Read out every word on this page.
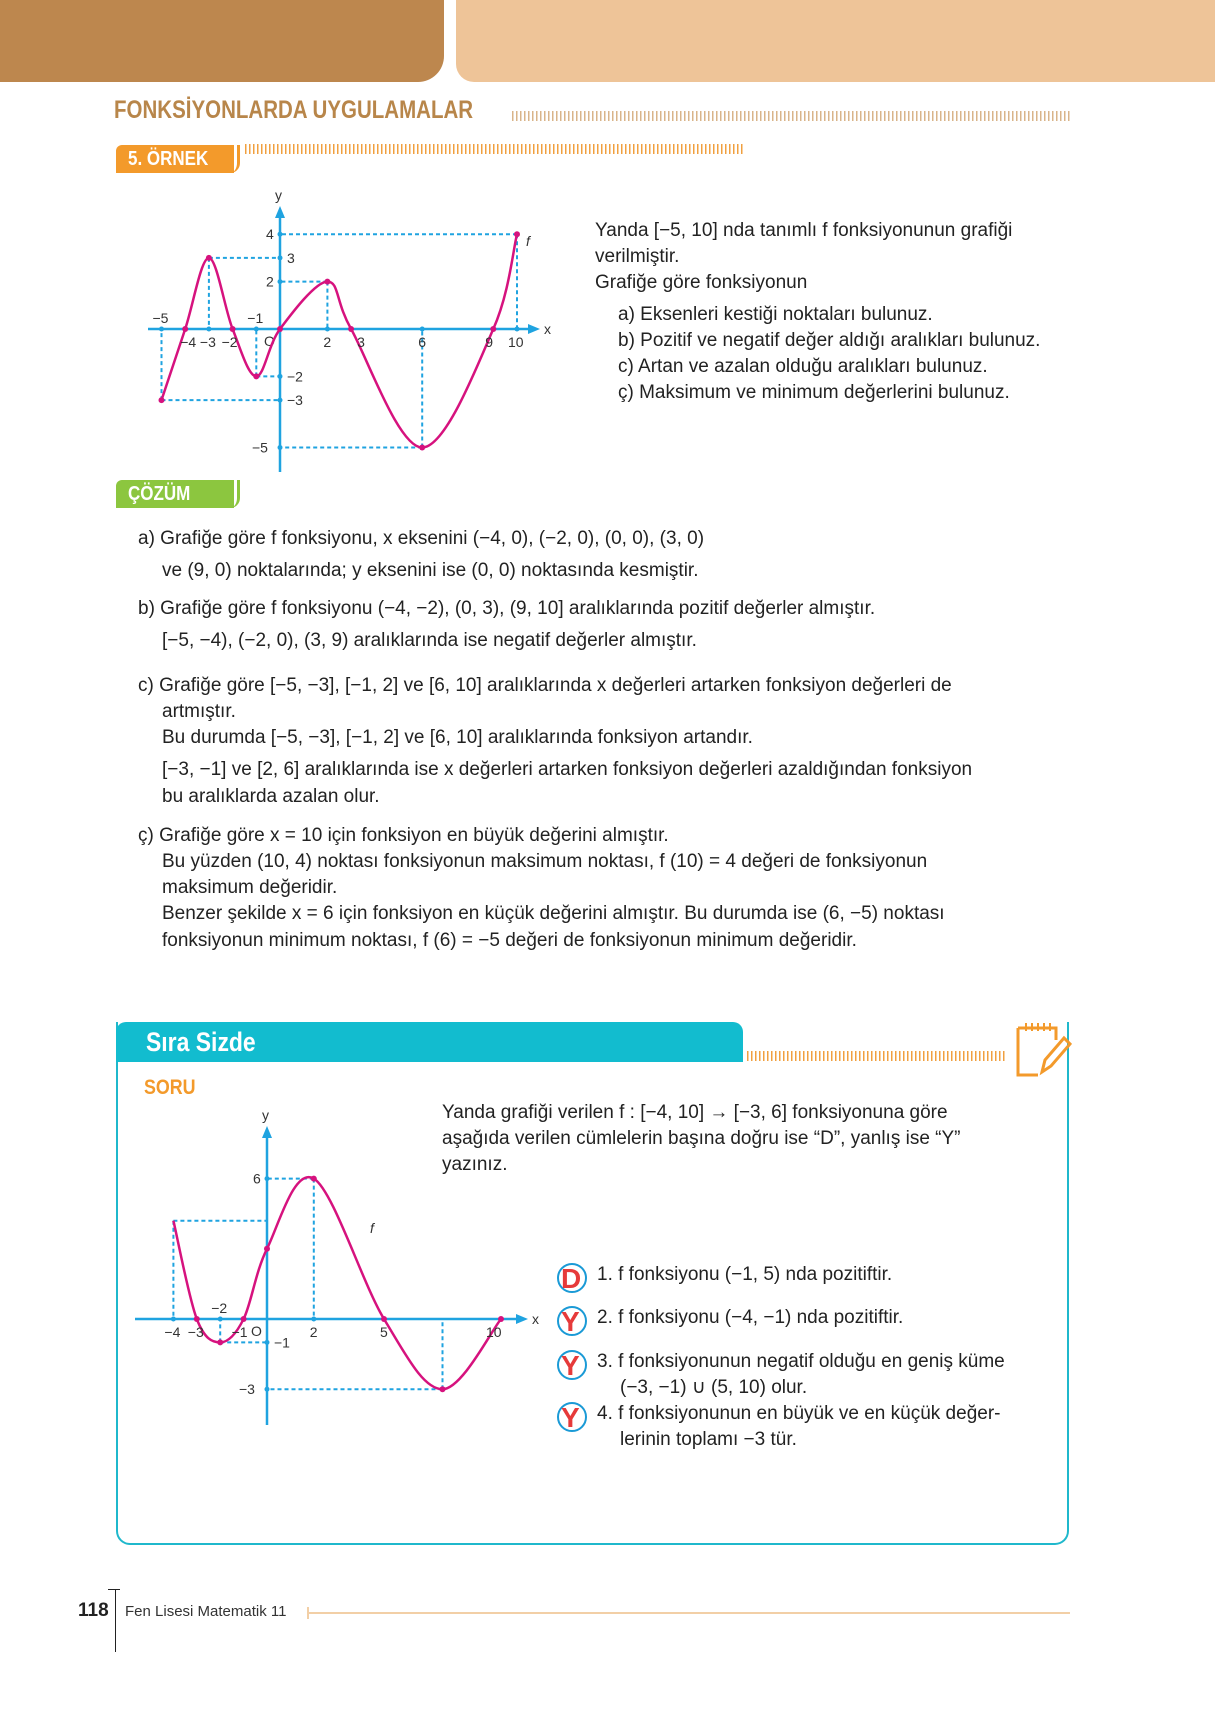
FONKSİYONLARDA UYGULAMALAR
5. ÖRNEK
x
y
O
−5
−4 −3 −2
−1
2 3	6	9 10
4
3
2
−2
−3
−5
f	Yanda [−5, 10] nda tanımlı f fonksiyonunun grafiği
verilmiştir.
Grafiğe göre fonksiyonun
a) Eksenleri kestiği noktaları bulunuz.
b) Pozitif ve negatif değer aldığı aralıkları bulunuz.
c) Artan ve azalan olduğu aralıkları bulunuz.
ç) Maksimum ve minimum değerlerini bulunuz.
ÇÖZÜM
a) Grafiğe göre f fonksiyonu, x eksenini (−4, 0), (−2, 0), (0, 0), (3, 0)
ve (9, 0) noktalarında; y eksenini ise (0, 0) noktasında kesmiştir.
b) Grafiğe göre f fonksiyonu (−4, −2), (0, 3), (9, 10] aralıklarında pozitif değerler almıştır.
[−5, −4), (−2, 0), (3, 9) aralıklarında ise negatif değerler almıştır.
c) Grafiğe göre [−5, −3], [−1, 2] ve [6, 10] aralıklarında x değerleri artarken fonksiyon değerleri de
artmıştır.
Bu durumda [−5, −3], [−1, 2] ve [6, 10] aralıklarında fonksiyon artandır.
[−3, −1] ve [2, 6] aralıklarında ise x değerleri artarken fonksiyon değerleri azaldığından fonksiyon
bu aralıklarda azalan olur.
ç) Grafiğe göre x = 10 için fonksiyon en büyük değerini almıştır.
Bu yüzden (10, 4) noktası fonksiyonun maksimum noktası, f (10) = 4 değeri de fonksiyonun
maksimum değeridir.
Benzer şekilde x = 6 için fonksiyon en küçük değerini almıştır. Bu durumda ise (6, −5) noktası
fonksiyonun minimum noktası, f (6) = −5 değeri de fonksiyonun minimum değeridir.
Sıra Sizde
SORU
x
y
O
−4 −3
−2
−1	2	5	10
6
−1
−3
f
Yanda grafiği verilen f : [−4, 10] → [−3, 6] fonksiyonuna göre
aşağıda verilen cümlelerin başına doğru ise “D”, yanlış ise “Y”
yazınız.
D 1. f fonksiyonu (−1, 5) nda pozitiftir.
Y 2. f fonksiyonu (−4, −1) nda pozitiftir.
Y 3. f fonksiyonunun negatif olduğu en geniş küme
(−3, −1) ∪ (5, 10) olur.
Y 4. f fonksiyonunun en büyük ve en küçük değer-
lerinin toplamı −3 tür.
118 Fen Lisesi Matematik 11
